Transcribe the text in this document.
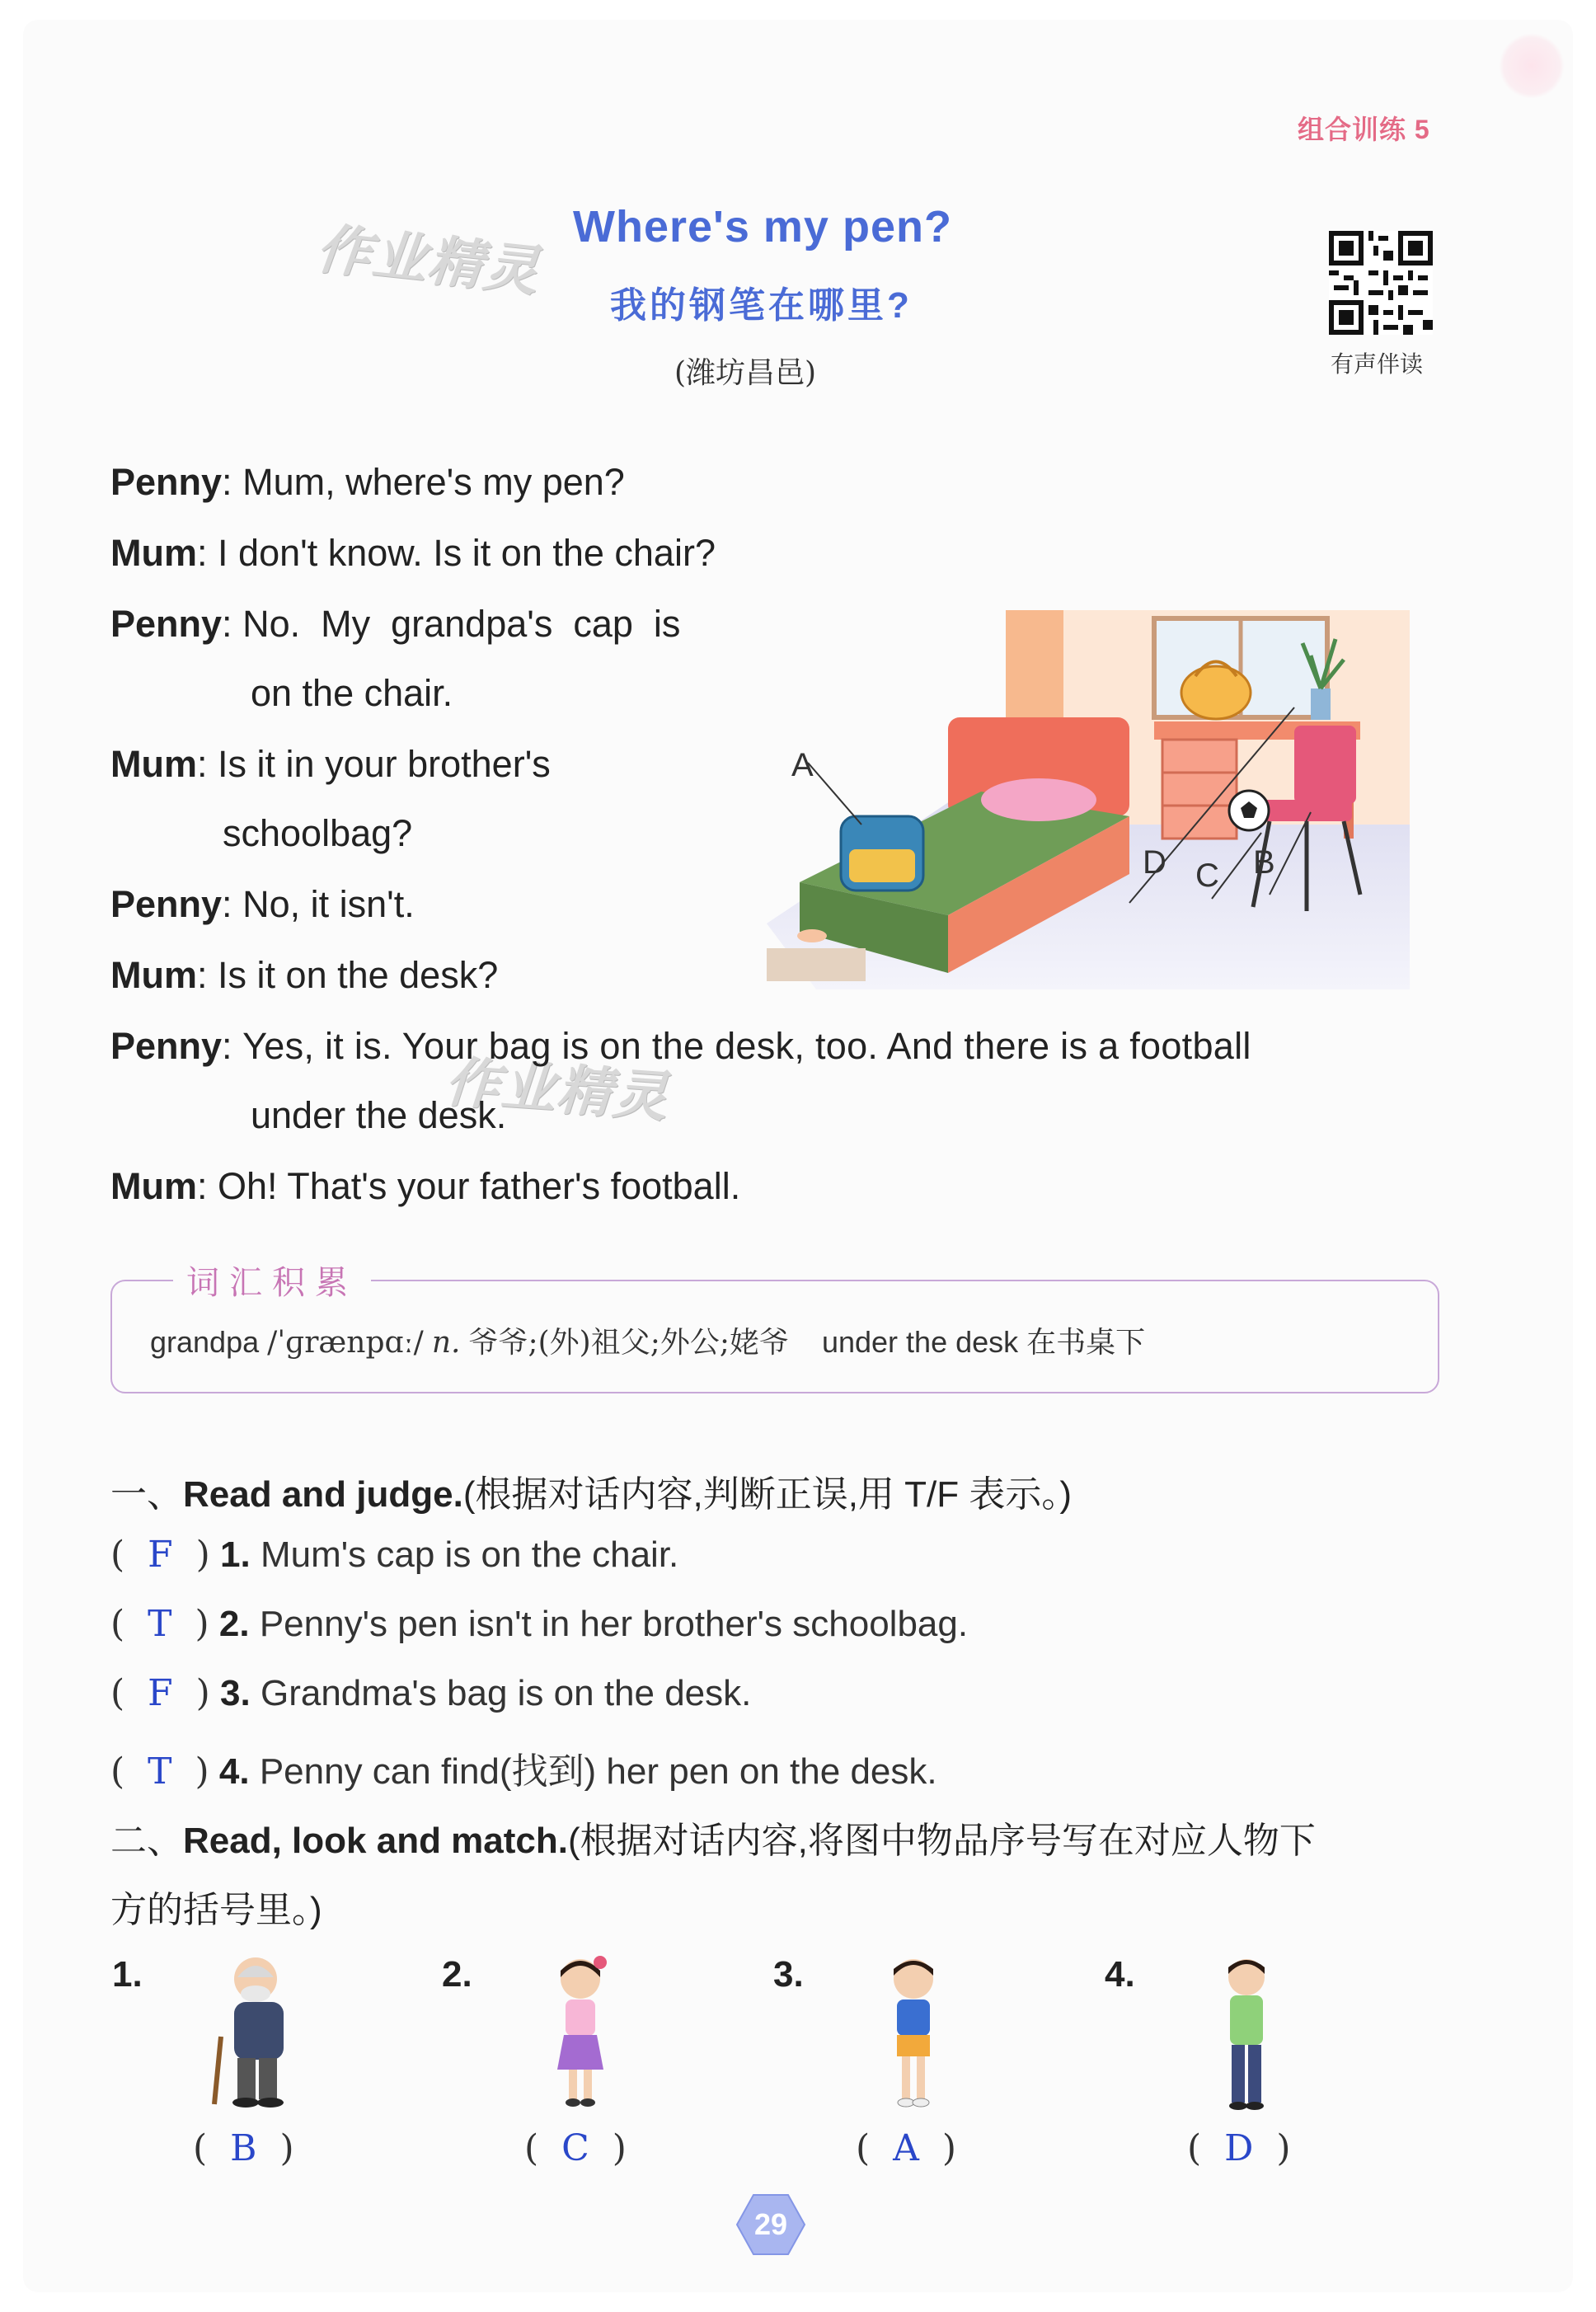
组合训练 5
作业精灵
作业精灵
Where's my pen?
我的钢笔在哪里?
(潍坊昌邑)	有声伴读
Penny: Mum, where's my pen?
Mum: I don't know. Is it on the chair?
Penny: No.  My  grandpa's  cap  is
on the chair.
Mum: Is it in your brother's
schoolbag?
Penny: No, it isn't.
Mum: Is it on the desk?
Penny: Yes, it is. Your bag is on the desk, too. And there is a football
under the desk.
Mum: Oh! That's your father's football.
A
B
C
D
词汇积累
grandpa /ˈɡrænpɑː/ n. 爷爷;(外)祖父;外公;姥爷 under the desk 在书桌下
一、Read and judge.(根据对话内容,判断正误,用 T/F 表示。)
(  F  ) 1. Mum's cap is on the chair.
(  T  ) 2. Penny's pen isn't in her brother's schoolbag.
(  F  ) 3. Grandma's bag is on the desk.
(  T  ) 4. Penny can find(找到) her pen on the desk.
二、Read, look and match.(根据对话内容,将图中物品序号写在对应人物下
方的括号里。)
1.	2.	3.	4.
(  B  )	(  C  )	(  A  )	(  D  )
29
